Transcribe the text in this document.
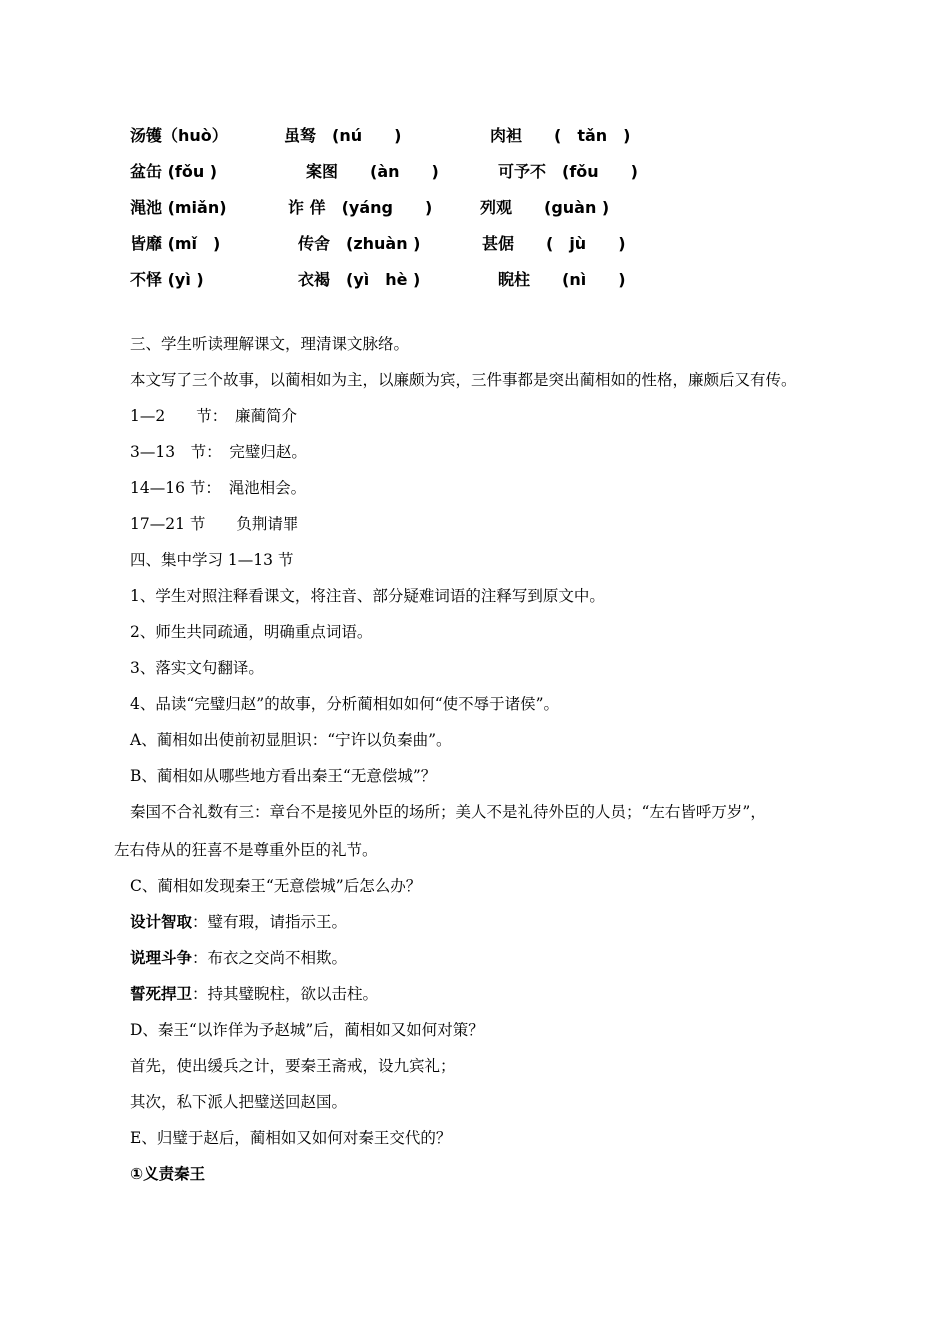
汤镬（huò）	虽驽　(nú　　)	肉袒　　(　tǎn　)
盆缶 (fǒu )	案图　　(àn　　)	可予不　(fǒu　　)
渑池 (miǎn)	诈 佯　(yáng　　)	列观　　(guàn )
皆靡 (mǐ　)	传舍　(zhuàn )	甚倨　　(　jù　　)
不怿 (yì )	衣褐　(yì　hè )	睨柱　　(nì　　)
三、学生听读理解课文，理清课文脉络。
本文写了三个故事，以蔺相如为主，以廉颇为宾，三件事都是突出蔺相如的性格，廉颇后又有传。
1—2　　节：　廉蔺简介
3—13　节：　完璧归赵。
14—16 节：　渑池相会。
17—21 节　　负荆请罪
四、集中学习 1—13 节
1、学生对照注释看课文，将注音、部分疑难词语的注释写到原文中。
2、师生共同疏通，明确重点词语。
3、落实文句翻译。
4、品读“完璧归赵”的故事，分析蔺相如如何“使不辱于诸侯”。
A、蔺相如出使前初显胆识：“宁许以负秦曲”。
B、蔺相如从哪些地方看出秦王“无意偿城”？
秦国不合礼数有三：章台不是接见外臣的场所；美人不是礼待外臣的人员；“左右皆呼万岁”，
左右侍从的狂喜不是尊重外臣的礼节。
C、蔺相如发现秦王“无意偿城”后怎么办？
设计智取：璧有瑕，请指示王。
说理斗争：布衣之交尚不相欺。
誓死捍卫：持其璧睨柱，欲以击柱。
D、秦王“以诈佯为予赵城”后，蔺相如又如何对策？
首先，使出缓兵之计，要秦王斋戒，设九宾礼；
其次，私下派人把璧送回赵国。
E、归璧于赵后，蔺相如又如何对秦王交代的？
①义责秦王
